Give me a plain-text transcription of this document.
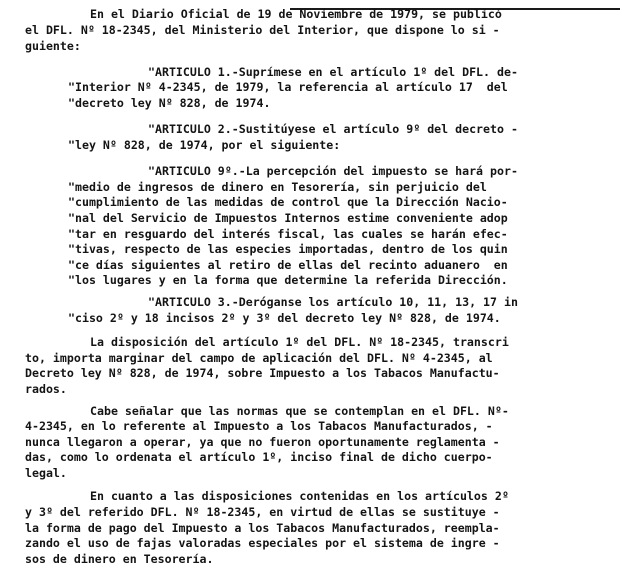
En el Diario Oficial de 19 de Noviembre de 1979, se publicó
el DFL. Nº 18-2345, del Ministerio del Interior, que dispone lo si -
guiente:
"ARTICULO 1.-Suprímese en el artículo 1º del DFL. de-
"Interior Nº 4-2345, de 1979, la referencia al artículo 17  del
"decreto ley Nº 828, de 1974.
"ARTICULO 2.-Sustitúyese el artículo 9º del decreto -
"ley Nº 828, de 1974, por el siguiente:
"ARTICULO 9º.-La percepción del impuesto se hará por-
"medio de ingresos de dinero en Tesorería, sin perjuicio del
"cumplimiento de las medidas de control que la Dirección Nacio-
"nal del Servicio de Impuestos Internos estime conveniente adop
"tar en resguardo del interés fiscal, las cuales se harán efec-
"tivas, respecto de las especies importadas, dentro de los quin
"ce días siguientes al retiro de ellas del recinto aduanero  en
"los lugares y en la forma que determine la referida Dirección.
"ARTICULO 3.-Deróganse los artículo 10, 11, 13, 17 in
"ciso 2º y 18 incisos 2º y 3º del decreto ley Nº 828, de 1974.
La disposición del artículo 1º del DFL. Nº 18-2345, transcri
to, importa marginar del campo de aplicación del DFL. Nº 4-2345, al
Decreto ley Nº 828, de 1974, sobre Impuesto a los Tabacos Manufactu-
rados.
Cabe señalar que las normas que se contemplan en el DFL. Nº-
4-2345, en lo referente al Impuesto a los Tabacos Manufacturados, -
nunca llegaron a operar, ya que no fueron oportunamente reglamenta -
das, como lo ordenata el artículo 1º, inciso final de dicho cuerpo-
legal.
En cuanto a las disposiciones contenidas en los artículos 2º
y 3º del referido DFL. Nº 18-2345, en virtud de ellas se sustituye -
la forma de pago del Impuesto a los Tabacos Manufacturados, reempla-
zando el uso de fajas valoradas especiales por el sistema de ingre -
sos de dinero en Tesorería.
